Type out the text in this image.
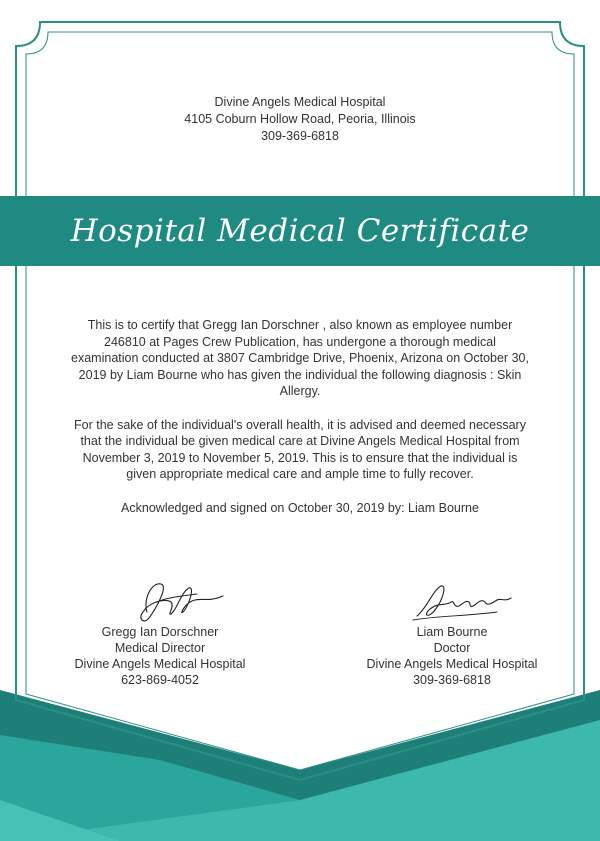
Divine Angels Medical Hospital
4105 Coburn Hollow Road, Peoria, Illinois
309-369-6818
Hospital Medical Certificate

This is to certify that Gregg Ian Dorschner , also known as employee number 246810 at Pages Crew Publication, has undergone a thorough medical examination conducted at 3807 Cambridge Drive, Phoenix, Arizona on October 30, 2019 by Liam Bourne who has given the individual the following diagnosis : Skin Allergy.

For the sake of the individual's overall health, it is advised and deemed necessary that the individual be given medical care at Divine Angels Medical Hospital from November 3, 2019 to November 5, 2019. This is to ensure that the individual is given appropriate medical care and ample time to fully recover.

Acknowledged and signed on October 30, 2019 by: Liam Bourne

Gregg Ian Dorschner
Medical Director
Divine Angels Medical Hospital
623-869-4052
Liam Bourne
Doctor
Divine Angels Medical Hospital
309-369-6818
